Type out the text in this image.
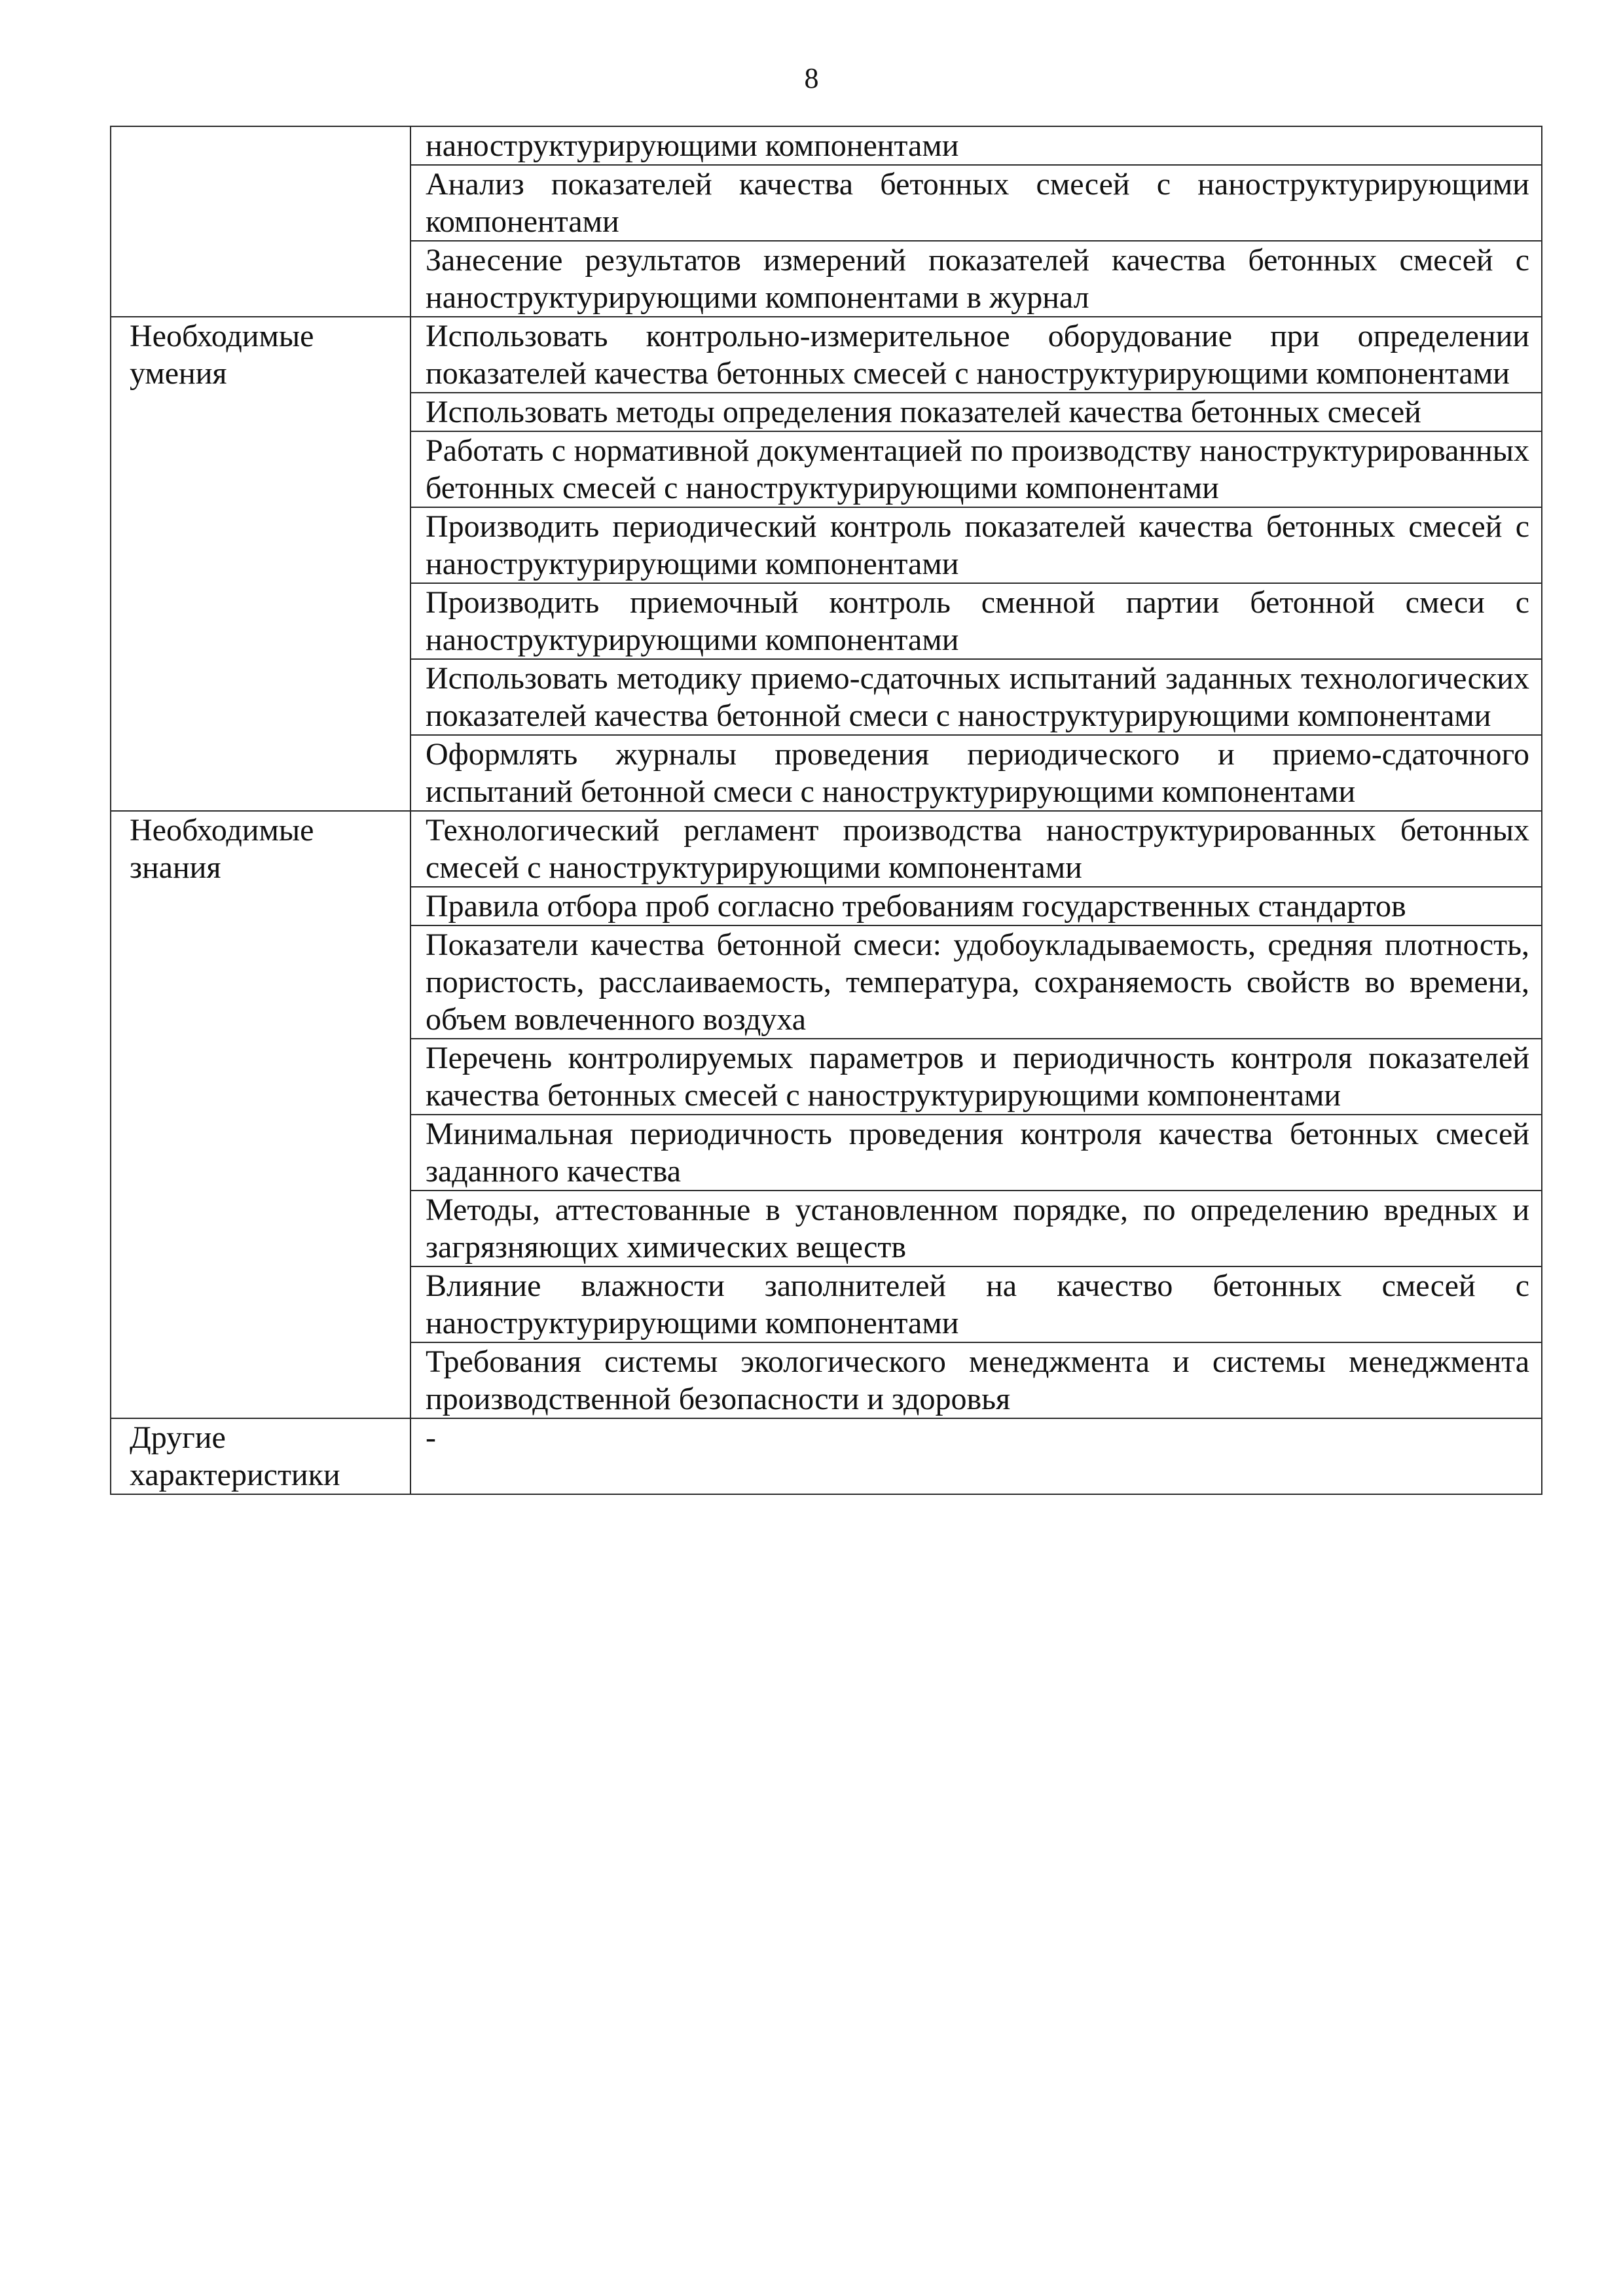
8

	наноструктурирующими компонентами

	Анализ показателей качества бетонных смесей с наноструктурирующими компонентами

	Занесение результатов измерений показателей качества бетонных смесей с наноструктурирующими компонентами в журнал

Необходимые умения	Использовать контрольно-измерительное оборудование при определении показателей качества бетонных смесей с наноструктурирующими компонентами

	Использовать методы определения показателей качества бетонных смесей

	Работать с нормативной документацией по производству наноструктурированных бетонных смесей с наноструктурирующими компонентами

	Производить периодический контроль показателей качества бетонных смесей с наноструктурирующими компонентами

	Производить приемочный контроль сменной партии бетонной смеси с наноструктурирующими компонентами

	Использовать методику приемо-сдаточных испытаний заданных технологических показателей качества бетонной смеси с наноструктурирующими компонентами

	Оформлять журналы проведения периодического и приемо-сдаточного испытаний бетонной смеси с наноструктурирующими компонентами

Необходимые знания	Технологический регламент производства наноструктурированных бетонных смесей с наноструктурирующими компонентами

	Правила отбора проб согласно требованиям государственных стандартов

	Показатели качества бетонной смеси: удобоукладываемость, средняя плотность, пористость, расслаиваемость, температура, сохраняемость свойств во времени, объем вовлеченного воздуха

	Перечень контролируемых параметров и периодичность контроля показателей качества бетонных смесей с наноструктурирующими компонентами

	Минимальная периодичность проведения контроля качества бетонных смесей заданного качества

	Методы, аттестованные в установленном порядке, по определению вредных и загрязняющих химических веществ

	Влияние влажности заполнителей на качество бетонных смесей с наноструктурирующими компонентами

	Требования системы экологического менеджмента и системы менеджмента производственной безопасности и здоровья

Другие характеристики	-
